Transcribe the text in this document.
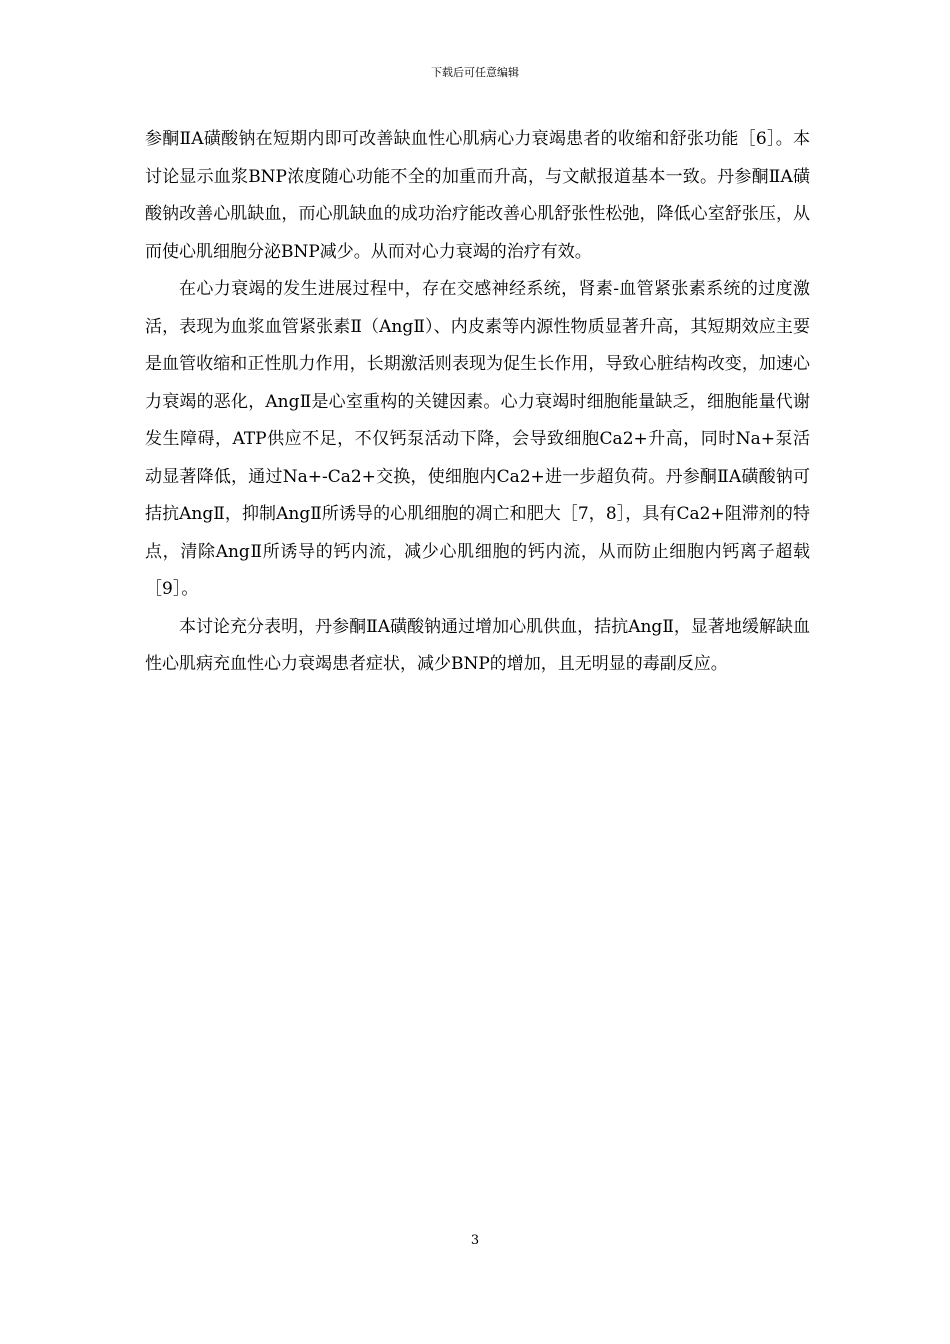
下载后可任意编辑

参酮ⅡA磺酸钠在短期内即可改善缺血性心肌病心力衰竭患者的收缩和舒张功能［6］。本讨论显示血浆BNP浓度随心功能不全的加重而升高，与文献报道基本一致。丹参酮ⅡA磺酸钠改善心肌缺血，而心肌缺血的成功治疗能改善心肌舒张性松弛，降低心室舒张压，从而使心肌细胞分泌BNP减少。从而对心力衰竭的治疗有效。

在心力衰竭的发生进展过程中，存在交感神经系统，肾素-血管紧张素系统的过度激活，表现为血浆血管紧张素Ⅱ（AngⅡ）、内皮素等内源性物质显著升高，其短期效应主要是血管收缩和正性肌力作用，长期激活则表现为促生长作用，导致心脏结构改变，加速心力衰竭的恶化，AngⅡ是心室重构的关键因素。心力衰竭时细胞能量缺乏，细胞能量代谢发生障碍，ATP供应不足，不仅钙泵活动下降，会导致细胞Ca2+升高，同时Na+泵活动显著降低，通过Na+-Ca2+交换，使细胞内Ca2+进一步超负荷。丹参酮ⅡA磺酸钠可拮抗AngⅡ，抑制AngⅡ所诱导的心肌细胞的凋亡和肥大［7，8］，具有Ca2+阻滞剂的特点，清除AngⅡ所诱导的钙内流，减少心肌细胞的钙内流，从而防止细胞内钙离子超载［9］。

本讨论充分表明，丹参酮ⅡA磺酸钠通过增加心肌供血，拮抗AngⅡ，显著地缓解缺血性心肌病充血性心力衰竭患者症状，减少BNP的增加，且无明显的毒副反应。

3
